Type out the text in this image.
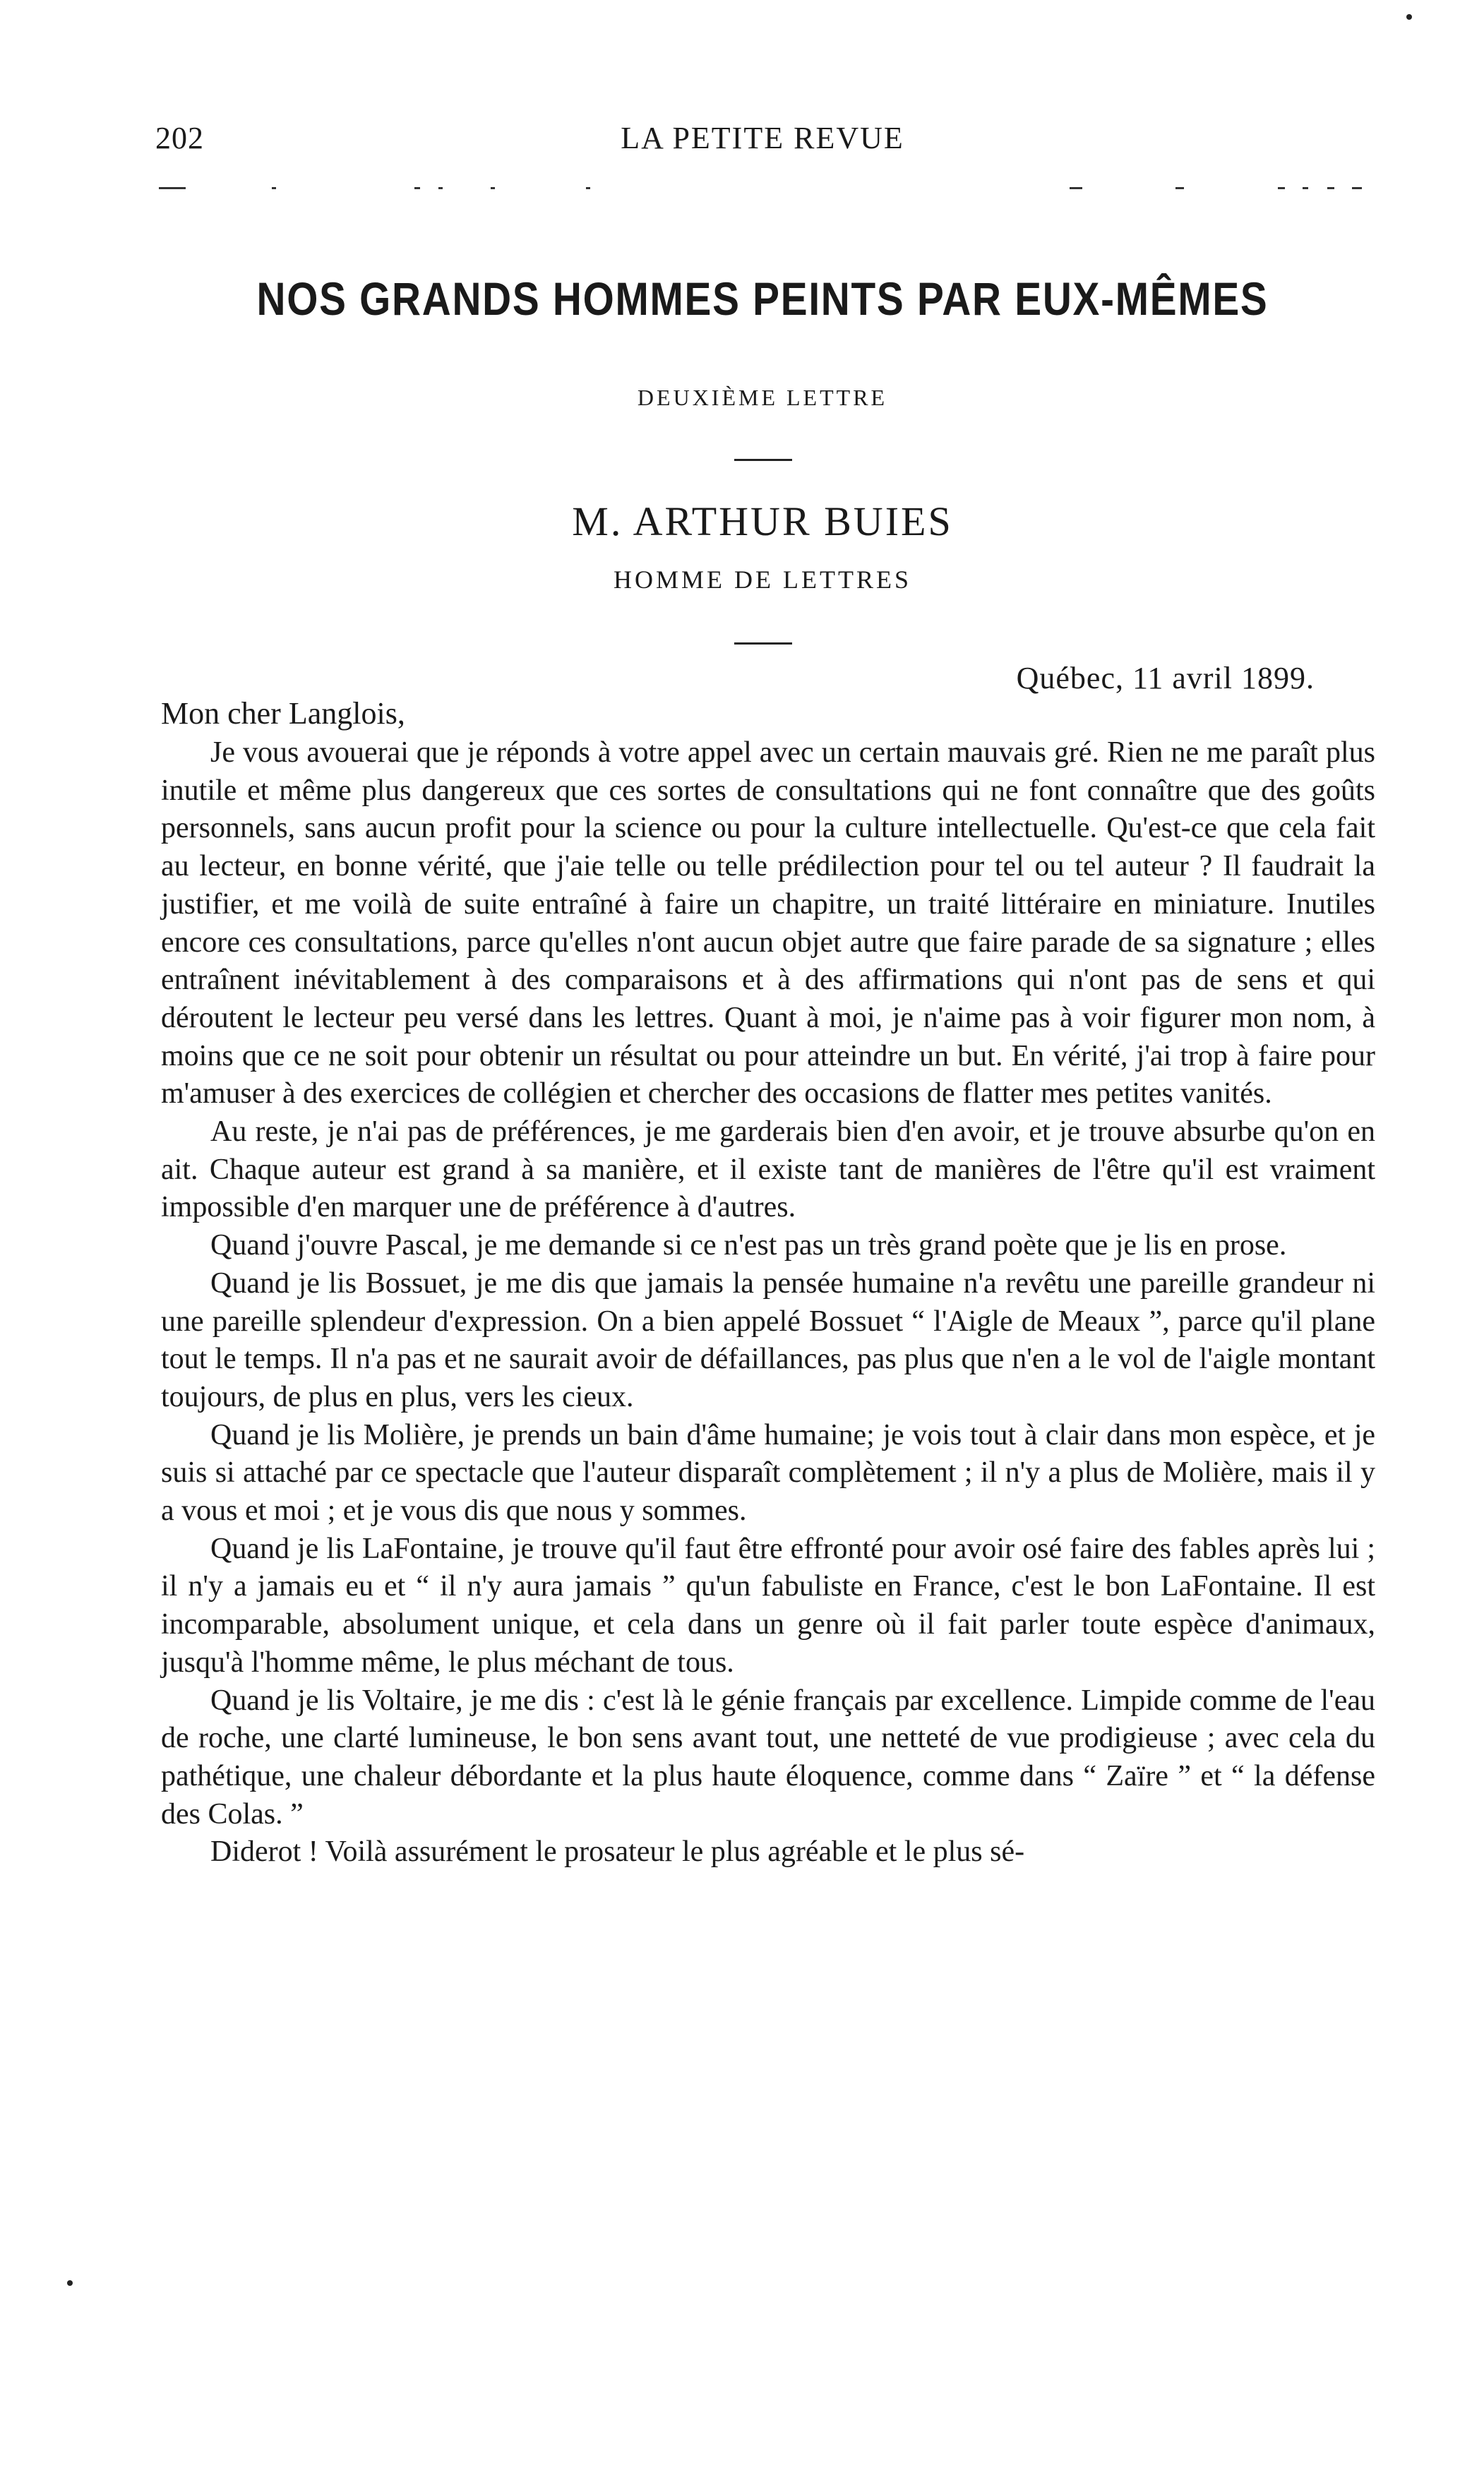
202	LA PETITE REVUE
NOS GRANDS HOMMES PEINTS PAR EUX-MÊMES
DEUXIÈME LETTRE
M. ARTHUR BUIES
HOMME DE LETTRES
Québec, 11 avril 1899.
Mon cher Langlois,

Je vous avouerai que je réponds à votre appel avec un certain mauvais gré. Rien ne me paraît plus inutile et même plus dangereux que ces sortes de consultations qui ne font connaître que des goûts personnels, sans aucun profit pour la science ou pour la culture intellectuelle. Qu'est-ce que cela fait au lecteur, en bonne vérité, que j'aie telle ou telle prédilection pour tel ou tel auteur ? Il faudrait la justifier, et me voilà de suite entraîné à faire un chapitre, un traité littéraire en miniature. Inutiles encore ces consultations, parce qu'elles n'ont aucun objet autre que faire parade de sa signature ; elles entraînent inévitablement à des comparaisons et à des affirmations qui n'ont pas de sens et qui déroutent le lecteur peu versé dans les lettres. Quant à moi, je n'aime pas à voir figurer mon nom, à moins que ce ne soit pour obtenir un résultat ou pour atteindre un but. En vérité, j'ai trop à faire pour m'amuser à des exercices de collégien et chercher des occasions de flatter mes petites vanités.

Au reste, je n'ai pas de préférences, je me garderais bien d'en avoir, et je trouve absurbe qu'on en ait. Chaque auteur est grand à sa manière, et il existe tant de manières de l'être qu'il est vraiment impossible d'en marquer une de préférence à d'autres.

Quand j'ouvre Pascal, je me demande si ce n'est pas un très grand poète que je lis en prose.

Quand je lis Bossuet, je me dis que jamais la pensée humaine n'a revêtu une pareille grandeur ni une pareille splendeur d'expression. On a bien appelé Bossuet “ l'Aigle de Meaux ”, parce qu'il plane tout le temps. Il n'a pas et ne saurait avoir de défaillances, pas plus que n'en a le vol de l'aigle montant toujours, de plus en plus, vers les cieux.

Quand je lis Molière, je prends un bain d'âme humaine; je vois tout à clair dans mon espèce, et je suis si attaché par ce spectacle que l'auteur disparaît complètement ; il n'y a plus de Molière, mais il y a vous et moi ; et je vous dis que nous y sommes.

Quand je lis LaFontaine, je trouve qu'il faut être effronté pour avoir osé faire des fables après lui ; il n'y a jamais eu et “ il n'y aura jamais ” qu'un fabuliste en France, c'est le bon LaFontaine. Il est incomparable, absolument unique, et cela dans un genre où il fait parler toute espèce d'animaux, jusqu'à l'homme même, le plus méchant de tous.

Quand je lis Voltaire, je me dis : c'est là le génie français par excellence. Limpide comme de l'eau de roche, une clarté lumineuse, le bon sens avant tout, une netteté de vue prodigieuse ; avec cela du pathétique, une chaleur débordante et la plus haute éloquence, comme dans “ Zaïre ” et “ la défense des Colas. ”

Diderot ! Voilà assurément le prosateur le plus agréable et le plus sé-
